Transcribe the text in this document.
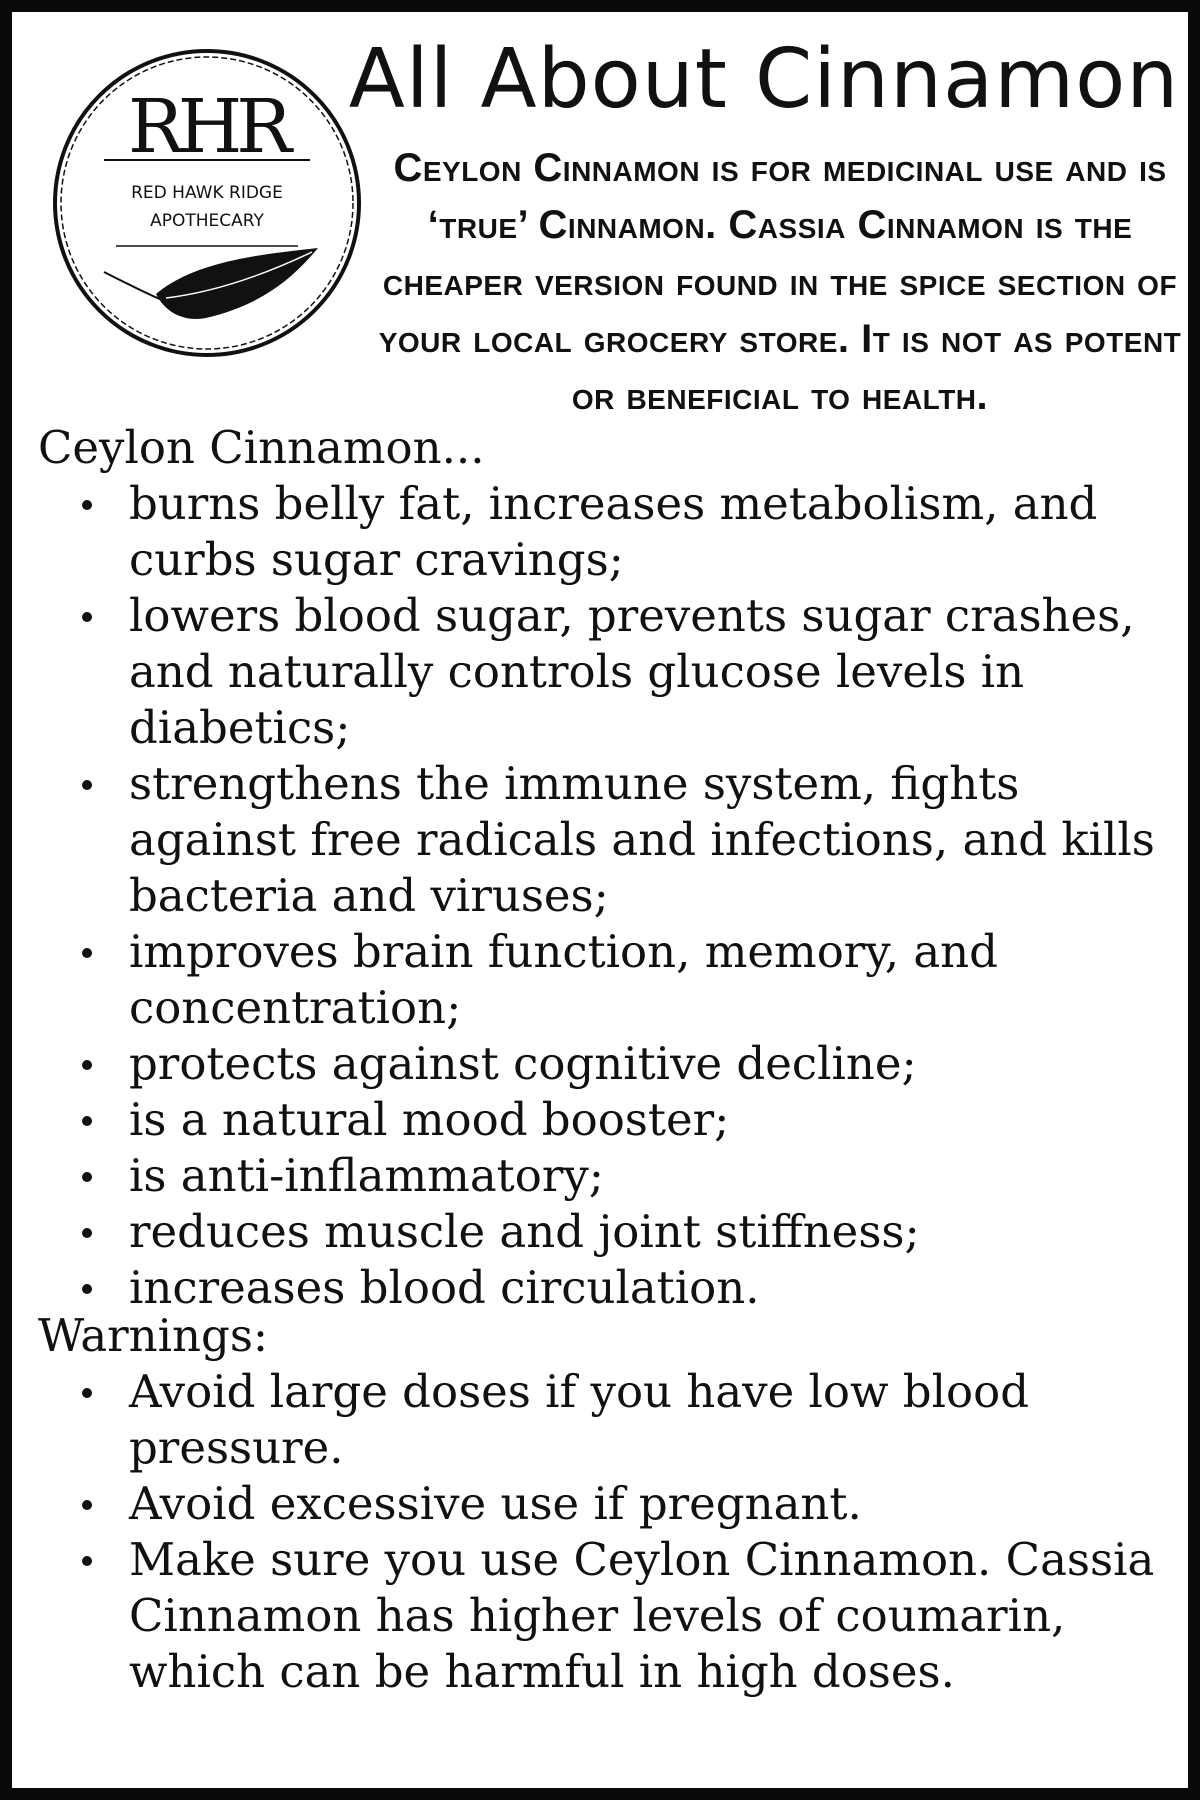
RHR
RED HAWK RIDGE
APOTHECARY
All About Cinnamon

Ceylon Cinnamon is for medicinal use and is ‘true’ Cinnamon. Cassia Cinnamon is the cheaper version found in the spice section of your local grocery store. It is not as potent or beneficial to health.

Ceylon Cinnamon...

burns belly fat, increases metabolism, and curbs sugar cravings;
lowers blood sugar, prevents sugar crashes, and naturally controls glucose levels in diabetics;
strengthens the immune system, fights against free radicals and infections, and kills bacteria and viruses;
improves brain function, memory, and concentration;
protects against cognitive decline;
is a natural mood booster;
is anti-inflammatory;
reduces muscle and joint stiffness;
increases blood circulation.

Warnings:

Avoid large doses if you have low blood pressure.
Avoid excessive use if pregnant.
Make sure you use Ceylon Cinnamon. Cassia Cinnamon has higher levels of coumarin, which can be harmful in high doses.
